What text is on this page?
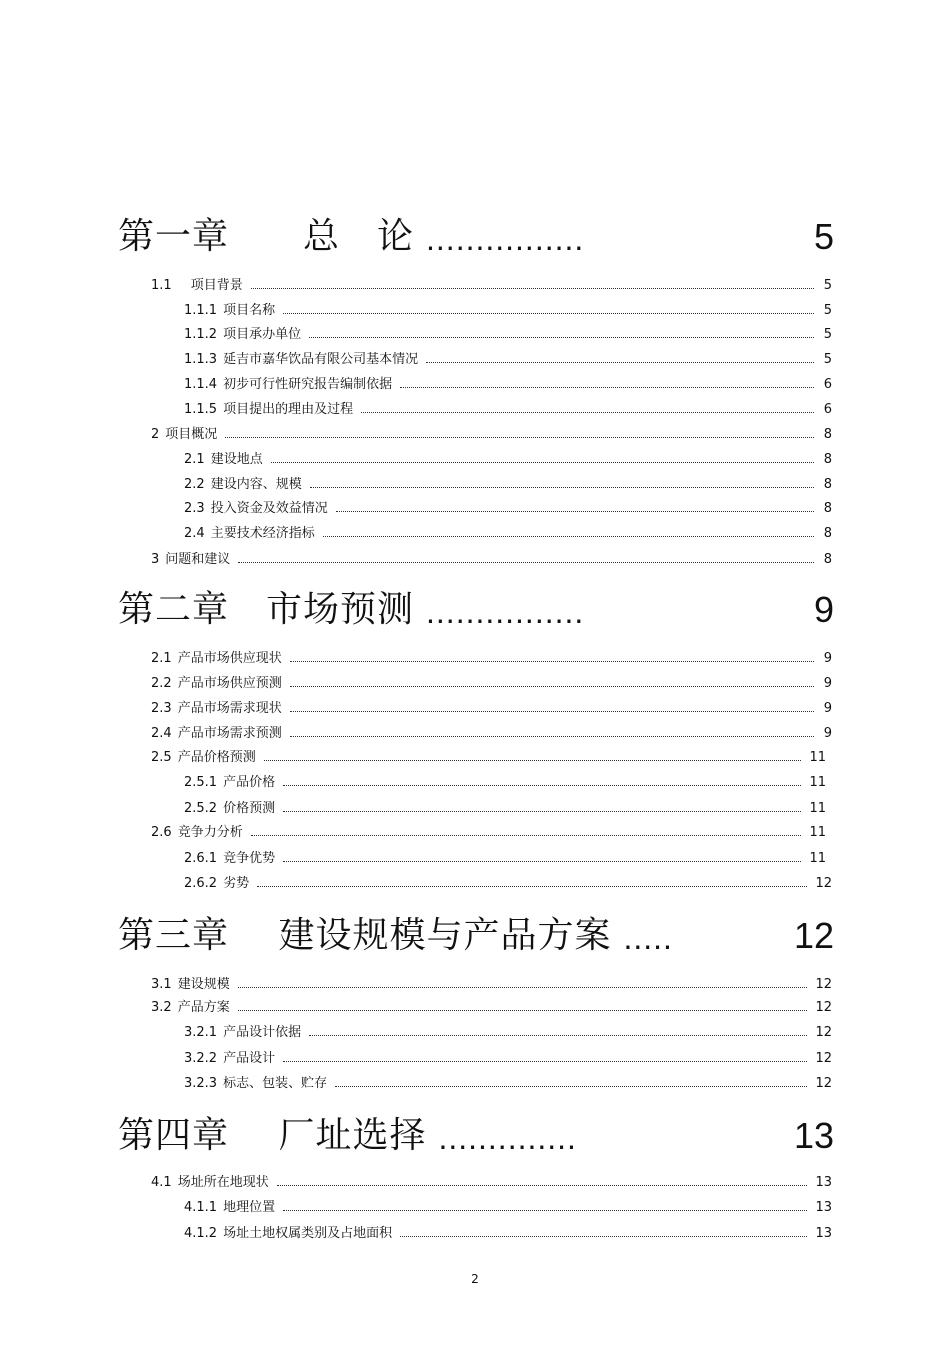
第一章　　总　论 ................	5
1.1　项目背景	5
1.1.1 项目名称	5
1.1.2 项目承办单位	5
1.1.3 延吉市嘉华饮品有限公司基本情况	5
1.1.4 初步可行性研究报告编制依据	6
1.1.5 项目提出的理由及过程	6
2 项目概况	8
2.1 建设地点	8
2.2 建设内容、规模	8
2.3 投入资金及效益情况	8
2.4 主要技术经济指标	8
3 问题和建议	8
第二章　市场预测 ................	9
2.1 产品市场供应现状	9
2.2 产品市场供应预测	9
2.3 产品市场需求现状	9
2.4 产品市场需求预测	9
2.5 产品价格预测	11
2.5.1 产品价格	11
2.5.2 价格预测	11
2.6 竞争力分析	11
2.6.1 竞争优势	11
2.6.2 劣势	12
第三章　 建设规模与产品方案 .....	12
3.1 建设规模	12
3.2 产品方案	12
3.2.1 产品设计依据	12
3.2.2 产品设计	12
3.2.3 标志、包装、贮存	12
第四章　 厂址选择 ..............	13
4.1 场址所在地现状	13
4.1.1 地理位置	13
4.1.2 场址土地权属类别及占地面积	13
2
